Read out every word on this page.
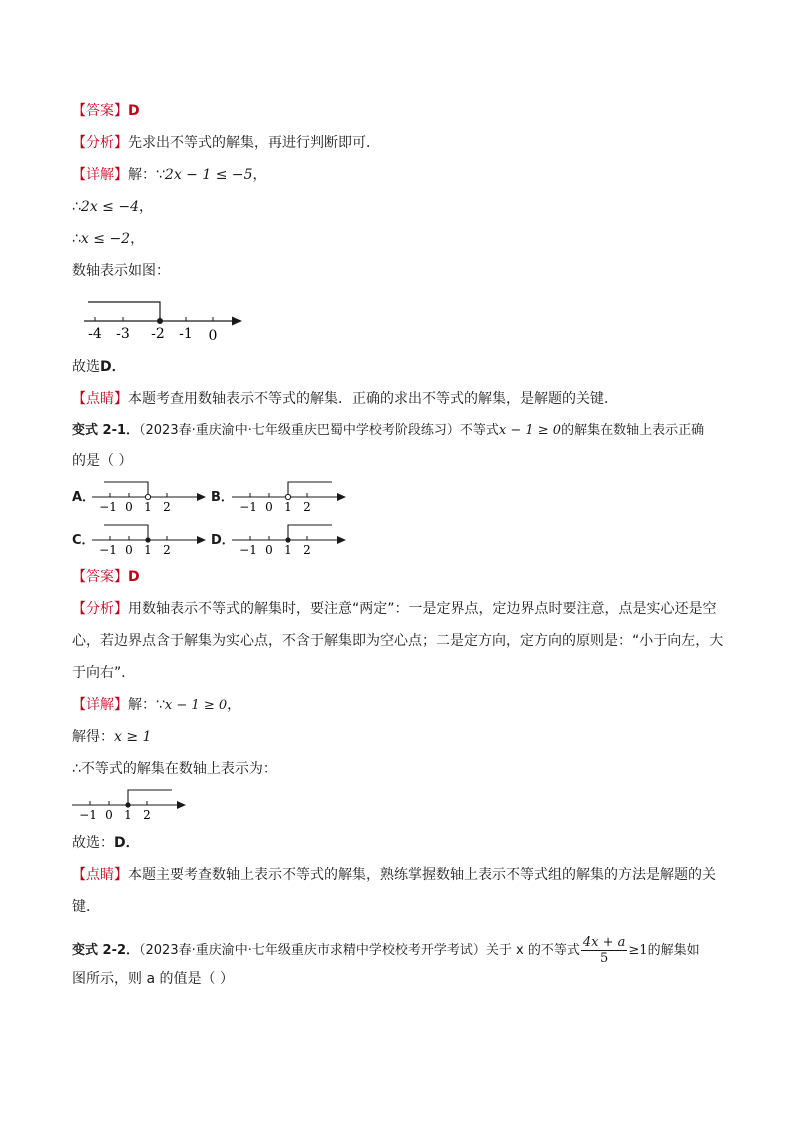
【答案】D
【分析】先求出不等式的解集，再进行判断即可．
【详解】解：∵2x − 1 ≤ −5，
∴2x ≤ −4，
∴x ≤ −2，
数轴表示如图：
-4 -3 -2 -1 0
故选D．
【点睛】本题考查用数轴表示不等式的解集．正确的求出不等式的解集，是解题的关键．
变式 2-1．（2023春·重庆渝中·七年级重庆巴蜀中学校考阶段练习）不等式x − 1 ≥ 0的解集在数轴上表示正确
的是（ ）
A．
−1 0 1 2
B．
−1 0 1 2
C．
−1 0 1 2
D．
−1 0 1 2
【答案】D
【分析】用数轴表示不等式的解集时，要注意“两定”：一是定界点，定边界点时要注意，点是实心还是空
心，若边界点含于解集为实心点，不含于解集即为空心点；二是定方向，定方向的原则是：“小于向左，大
于向右”．
【详解】解：∵x − 1 ≥ 0，
解得：x ≥ 1
∴不等式的解集在数轴上表示为：
−1 0 1 2
故选：D．
【点睛】本题主要考查数轴上表示不等式的解集，熟练掌握数轴上表示不等式组的解集的方法是解题的关
键．
变式 2-2．（2023春·重庆渝中·七年级重庆市求精中学校校考开学考试）关于 x 的不等式 $\frac{4x + a}{5} \ge 1$的解集如
图所示，则 a 的值是（ ）
